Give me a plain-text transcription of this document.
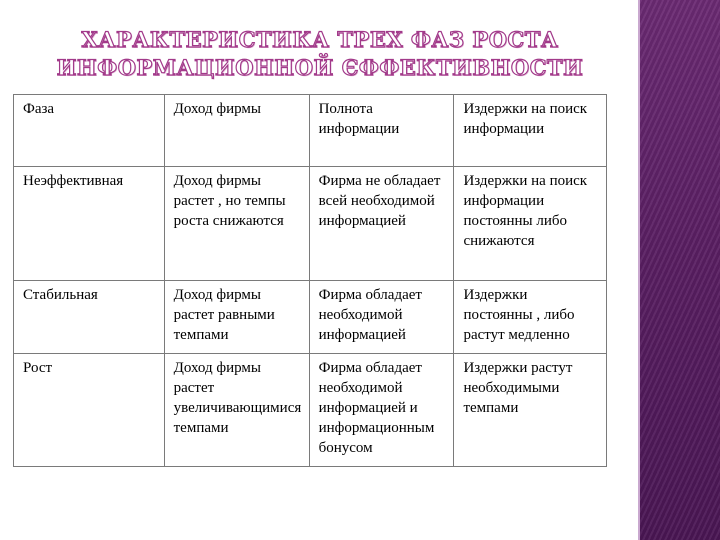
ХАРАКТЕРИСТИКА ТРЕХ ФАЗ РОСТА
ИНФОРМАЦИОННОЙ ЄФФЕКТИВНОСТИ
Фаза	Доход фирмы	Полнота информации	Издержки на поиск информации
Неэффективная	Доход фирмы растет , но темпы роста снижаются	Фирма не обладает всей необходимой информацией	Издержки на поиск информации постоянны либо снижаются
Стабильная	Доход фирмы растет равными темпами	Фирма обладает необходимой информацией	Издержки постоянны , либо растут медленно
Рост	Доход фирмы растет увеличивающимися темпами	Фирма обладает необходимой информацией и информационным бонусом	Издержки растут необходимыми темпами
